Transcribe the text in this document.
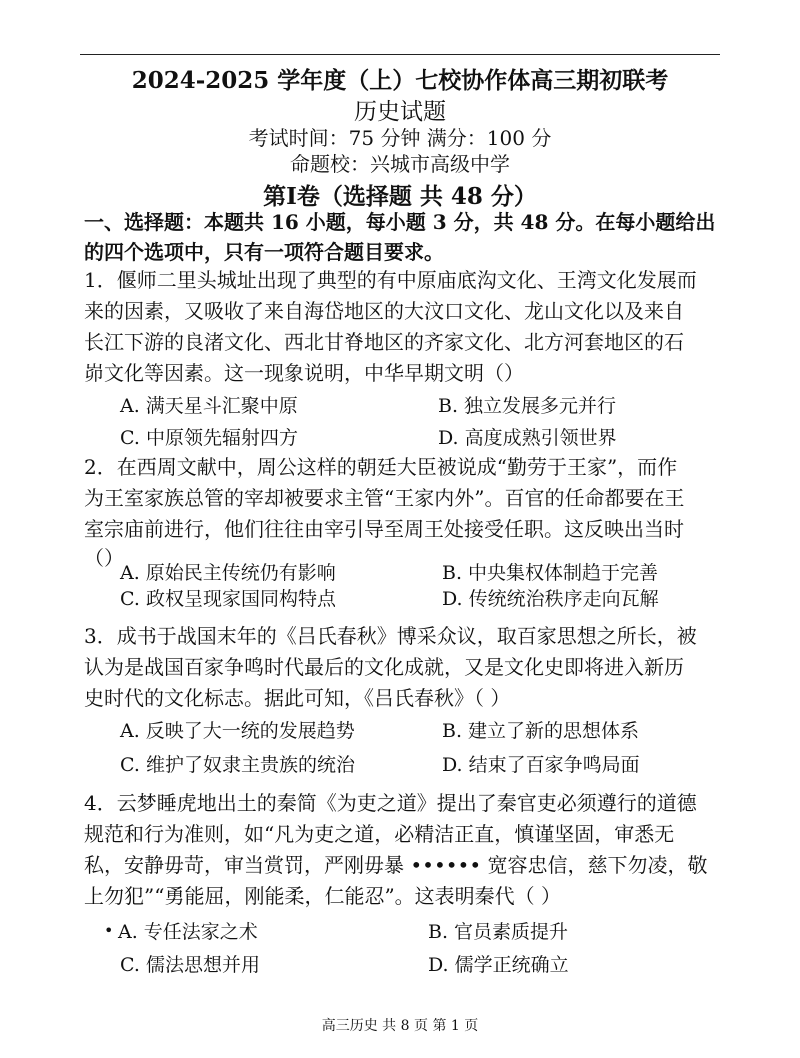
2024-2025 学年度（上）七校协作体高三期初联考
历史试题
考试时间：75 分钟 满分：100 分
命题校：兴城市高级中学
第Ⅰ卷（选择题 共 48 分）
一、选择题：本题共 16 小题，每小题 3 分，共 48 分。在每小题给出
的四个选项中，只有一项符合题目要求。
1．偃师二里头城址出现了典型的有中原庙底沟文化、王湾文化发展而
来的因素，又吸收了来自海岱地区的大汶口文化、龙山文化以及来自
长江下游的良渚文化、西北甘脊地区的齐家文化、北方河套地区的石
峁文化等因素。这一现象说明，中华早期文明（）
A. 满天星斗汇聚中原	B. 独立发展多元并行
C. 中原领先辐射四方	D. 高度成熟引领世界
2．在西周文献中，周公这样的朝廷大臣被说成“勤劳于王家”，而作
为王室家族总管的宰却被要求主管“王家内外”。百官的任命都要在王
室宗庙前进行，他们往往由宰引导至周王处接受任职。这反映出当时
（）
A. 原始民主传统仍有影响	B. 中央集权体制趋于完善
C. 政权呈现家国同构特点	D. 传统统治秩序走向瓦解
3．成书于战国末年的《吕氏春秋》博采众议，取百家思想之所长，被
认为是战国百家争鸣时代最后的文化成就，又是文化史即将进入新历
史时代的文化标志。据此可知，《吕氏春秋》（ ）
A. 反映了大一统的发展趋势	B. 建立了新的思想体系
C. 维护了奴隶主贵族的统治	D. 结束了百家争鸣局面
4．云梦睡虎地出土的秦简《为吏之道》提出了秦官吏必须遵行的道德
规范和行为准则，如“凡为吏之道，必精洁正直，慎谨坚固，审悉无
私，安静毋苛，审当赏罚，严刚毋暴 •••••• 宽容忠信，慈下勿凌，敬
上勿犯”“勇能屈，刚能柔，仁能忍”。这表明秦代（ ）
• A. 专任法家之术	B. 官员素质提升
C. 儒法思想并用	D. 儒学正统确立
高三历史 共 8 页 第 1 页
